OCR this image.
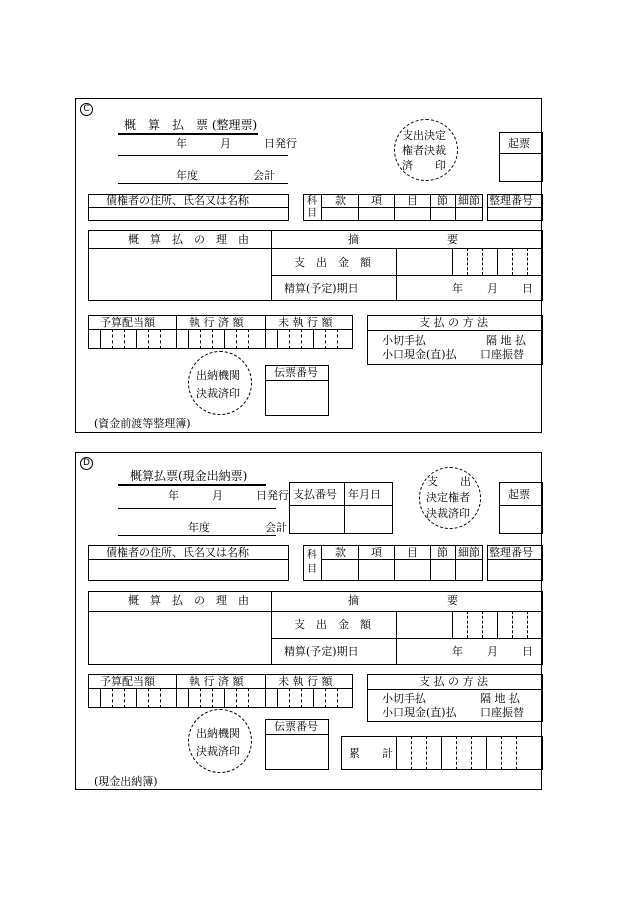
C
概　算　払　票 (整理票)
年　　　月　　　日発行
年度　　　　　会計
支出決定
権者決裁
済　　印
起票
債権者の住所、氏名又は名称	科目
款 項 目 節 細節 整理番号
概　算　払　の　理　由	摘　　　　　　　　要
支　出　金　額
精算(予定)期日	年 月 日
予算配当額	執 行 済 額	未 執 行 額	支 払 の 方 法
小切手払	隔 地 払
小口現金(直)払 口座振替
出納機関
決裁済印
伝票番号
(資金前渡等整理簿)
D
概算払票(現金出納票)
年　　　月　　　日発行
年度　　　　　会計
支払番号 年月日
支　　出
決定権者
決裁済印
起票
債権者の住所、氏名又は名称	科目
款 項 目 節 細節 整理番号
概　算　払　の　理　由	摘　　　　　　　　要
支　出　金　額
精算(予定)期日	年 月 日
予算配当額	執 行 済 額	未 執 行 額	支 払 の 方 法
小切手払	隔 地 払
小口現金(直)払 口座振替
出納機関
決裁済印
伝票番号
累　　計
(現金出納簿)
